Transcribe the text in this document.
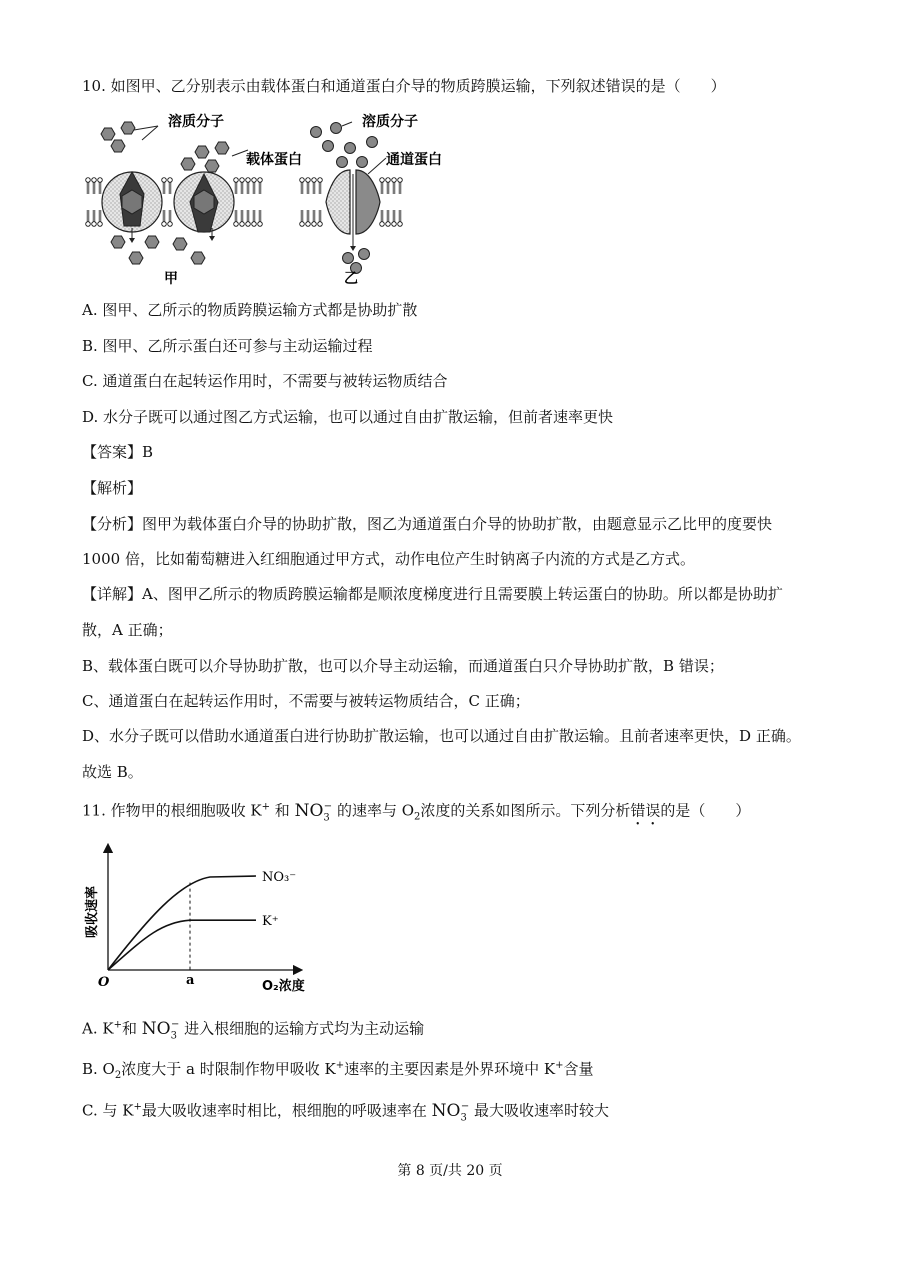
10. 如图甲、乙分别表示由载体蛋白和通道蛋白介导的物质跨膜运输，下列叙述错误的是（　　）
溶质分子
载体蛋白
甲
溶质分子
通道蛋白
乙
A. 图甲、乙所示的物质跨膜运输方式都是协助扩散
B. 图甲、乙所示蛋白还可参与主动运输过程
C. 通道蛋白在起转运作用时，不需要与被转运物质结合
D. 水分子既可以通过图乙方式运输，也可以通过自由扩散运输，但前者速率更快
【答案】B
【解析】
【分析】图甲为载体蛋白介导的协助扩散，图乙为通道蛋白介导的协助扩散，由题意显示乙比甲的度要快
1000 倍，比如葡萄糖进入红细胞通过甲方式，动作电位产生时钠离子内流的方式是乙方式。
【详解】A、图甲乙所示的物质跨膜运输都是顺浓度梯度进行且需要膜上转运蛋白的协助。所以都是协助扩
散，A 正确；
B、载体蛋白既可以介导协助扩散，也可以介导主动运输，而通道蛋白只介导协助扩散，B 错误；
C、通道蛋白在起转运作用时，不需要与被转运物质结合，C 正确；
D、水分子既可以借助水通道蛋白进行协助扩散运输，也可以通过自由扩散运输。且前者速率更快，D 正确。
故选 B。
11. 作物甲的根细胞吸收 K+ 和 $NO_3^-$ 的速率与 $O_2$浓度的关系如图所示。下列分析错误的是（　　）
NO₃⁻
K⁺
a
O
吸收速率
O₂浓度
A. K+和 $NO_3^-$ 进入根细胞的运输方式均为主动运输
B. $O_2$浓度大于 a 时限制作物甲吸收 K+速率的主要因素是外界环境中 K+含量
C. 与 K+最大吸收速率时相比，根细胞的呼吸速率在 $NO_3^-$ 最大吸收速率时较大
第 8 页/共 20 页
